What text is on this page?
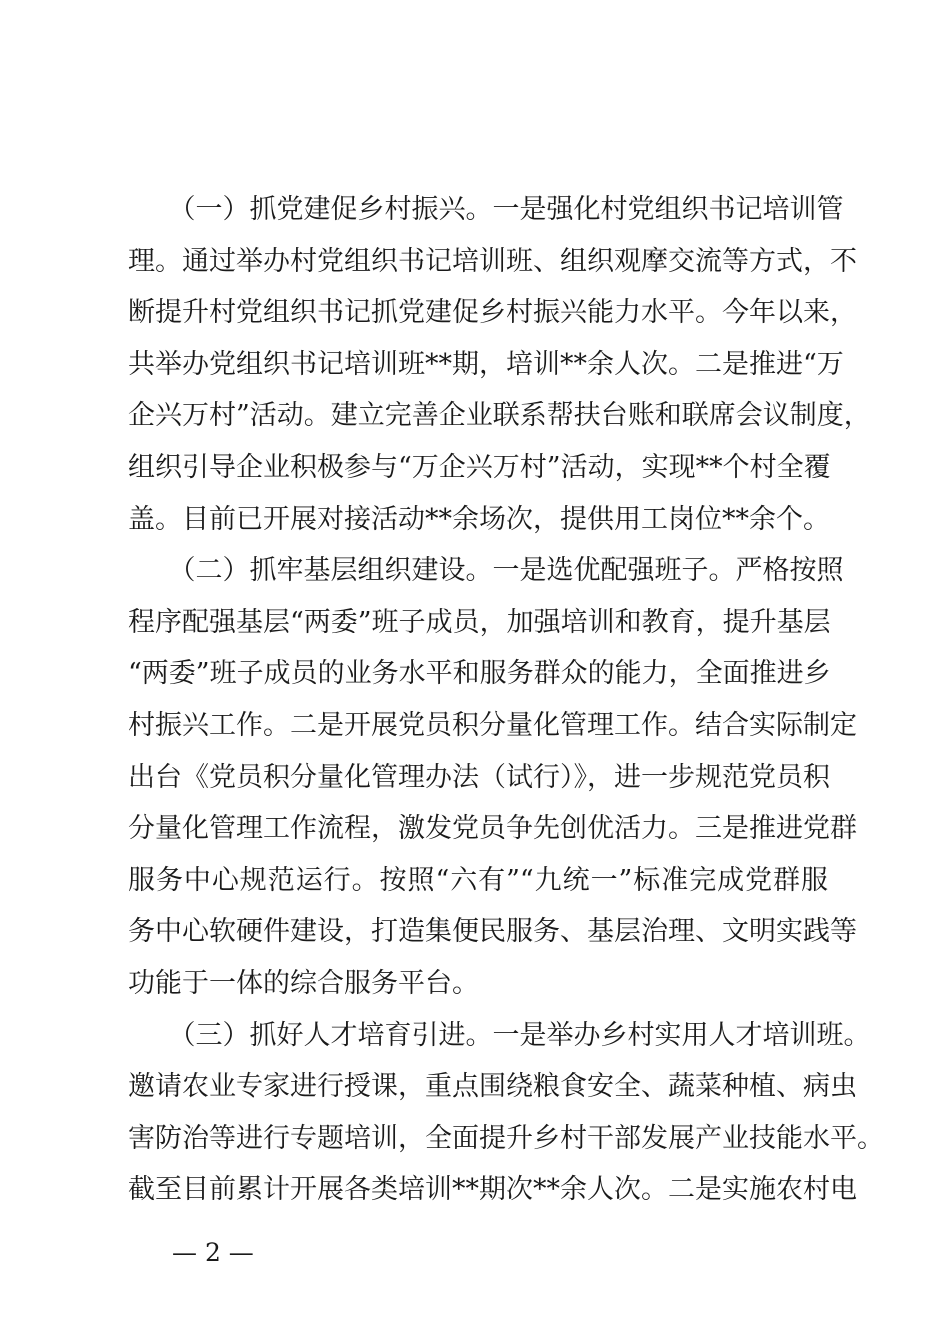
　　（一）抓党建促乡村振兴。一是强化村党组织书记培训管
理。通过举办村党组织书记培训班、组织观摩交流等方式，不
断提升村党组织书记抓党建促乡村振兴能力水平。今年以来，
共举办党组织书记培训班**期，培训**余人次。二是推进“万
企兴万村”活动。建立完善企业联系帮扶台账和联席会议制度，
组织引导企业积极参与“万企兴万村”活动，实现**个村全覆
盖。目前已开展对接活动**余场次，提供用工岗位**余个。
　　（二）抓牢基层组织建设。一是选优配强班子。严格按照
程序配强基层“两委”班子成员，加强培训和教育，提升基层
“两委”班子成员的业务水平和服务群众的能力，全面推进乡
村振兴工作。二是开展党员积分量化管理工作。结合实际制定
出台《党员积分量化管理办法（试行）》，进一步规范党员积
分量化管理工作流程，激发党员争先创优活力。三是推进党群
服务中心规范运行。按照“六有”“九统一”标准完成党群服
务中心软硬件建设，打造集便民服务、基层治理、文明实践等
功能于一体的综合服务平台。
　　（三）抓好人才培育引进。一是举办乡村实用人才培训班。
邀请农业专家进行授课，重点围绕粮食安全、蔬菜种植、病虫
害防治等进行专题培训，全面提升乡村干部发展产业技能水平。
截至目前累计开展各类培训**期次**余人次。二是实施农村电
— 2 —
